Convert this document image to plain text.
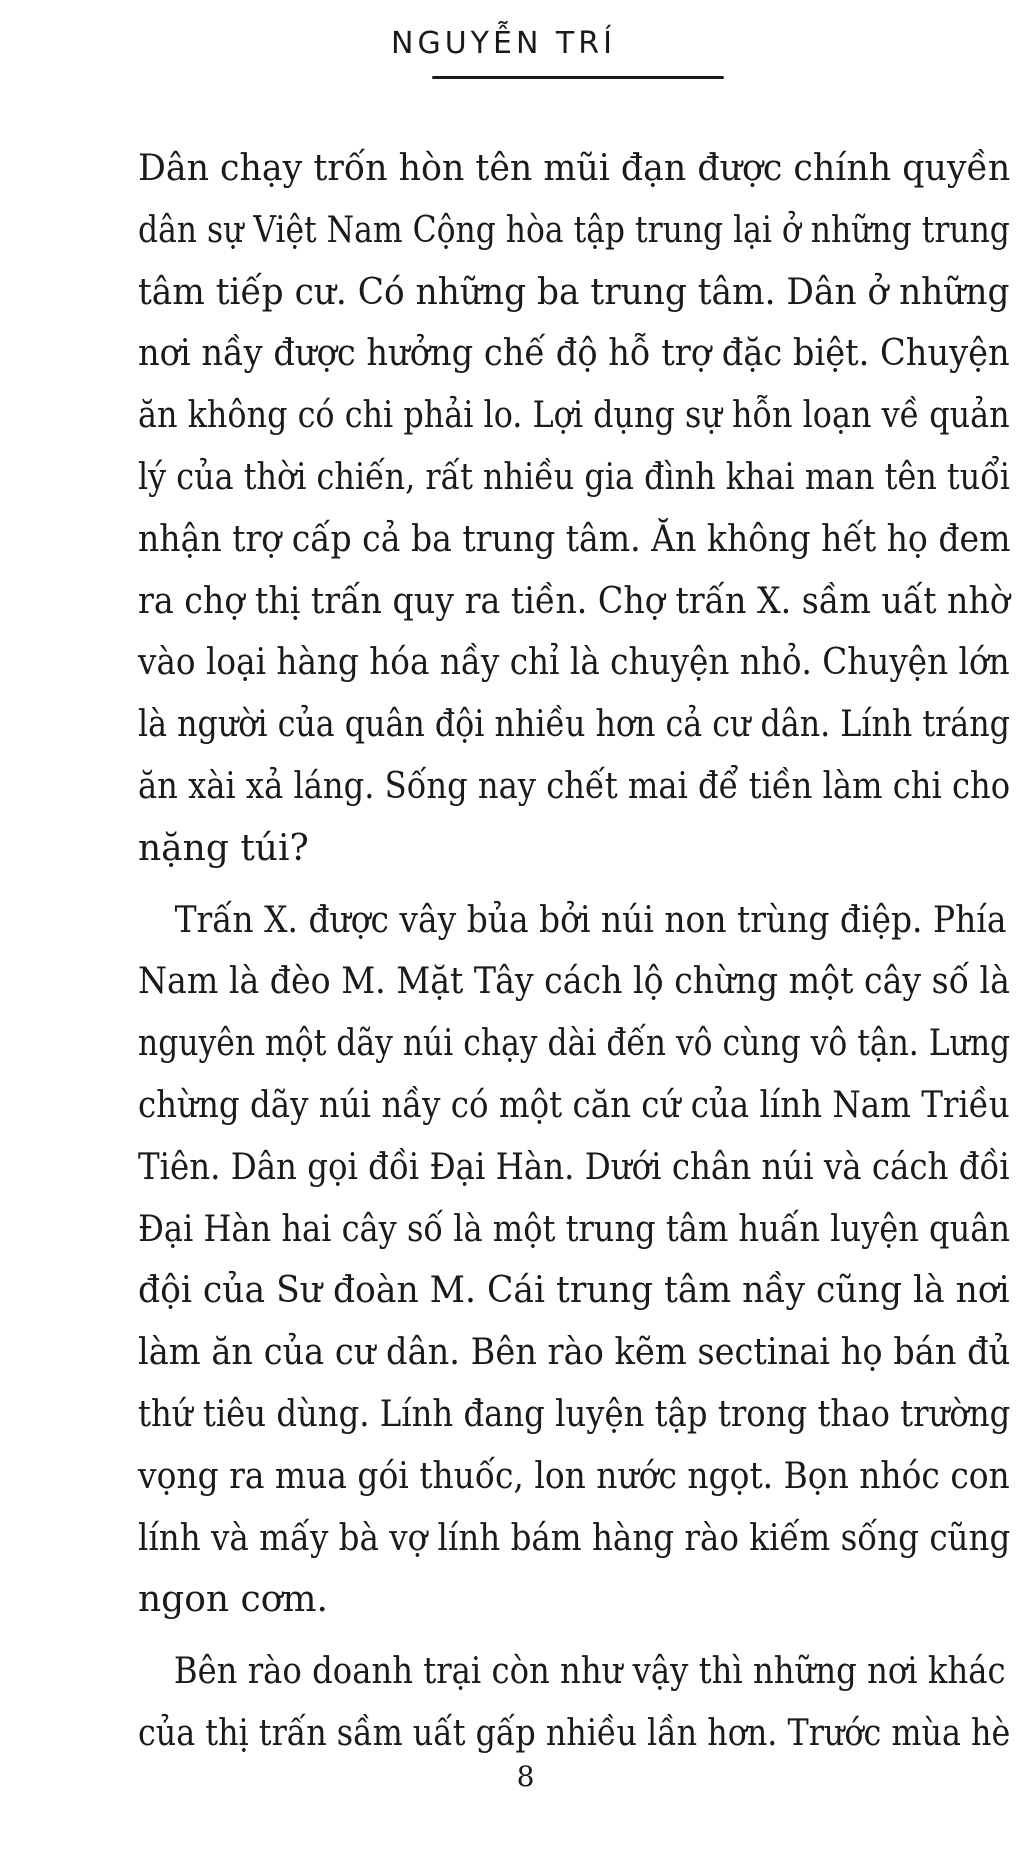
NGUYỄN TRÍ

Dân chạy trốn hòn tên mũi đạn được chính quyền
dân sự Việt Nam Cộng hòa tập trung lại ở những trung
tâm tiếp cư. Có những ba trung tâm. Dân ở những
nơi nầy được hưởng chế độ hỗ trợ đặc biệt. Chuyện
ăn không có chi phải lo. Lợi dụng sự hỗn loạn về quản
lý của thời chiến, rất nhiều gia đình khai man tên tuổi
nhận trợ cấp cả ba trung tâm. Ăn không hết họ đem
ra chợ thị trấn quy ra tiền. Chợ trấn X. sầm uất nhờ
vào loại hàng hóa nầy chỉ là chuyện nhỏ. Chuyện lớn
là người của quân đội nhiều hơn cả cư dân. Lính tráng
ăn xài xả láng. Sống nay chết mai để tiền làm chi cho
nặng túi?

Trấn X. được vây bủa bởi núi non trùng điệp. Phía
Nam là đèo M. Mặt Tây cách lộ chừng một cây số là
nguyên một dãy núi chạy dài đến vô cùng vô tận. Lưng
chừng dãy núi nầy có một căn cứ của lính Nam Triều
Tiên. Dân gọi đồi Đại Hàn. Dưới chân núi và cách đồi
Đại Hàn hai cây số là một trung tâm huấn luyện quân
đội của Sư đoàn M. Cái trung tâm nầy cũng là nơi
làm ăn của cư dân. Bên rào kẽm sectinai họ bán đủ
thứ tiêu dùng. Lính đang luyện tập trong thao trường
vọng ra mua gói thuốc, lon nước ngọt. Bọn nhóc con
lính và mấy bà vợ lính bám hàng rào kiếm sống cũng
ngon cơm.

Bên rào doanh trại còn như vậy thì những nơi khác
của thị trấn sầm uất gấp nhiều lần hơn. Trước mùa hè

8
